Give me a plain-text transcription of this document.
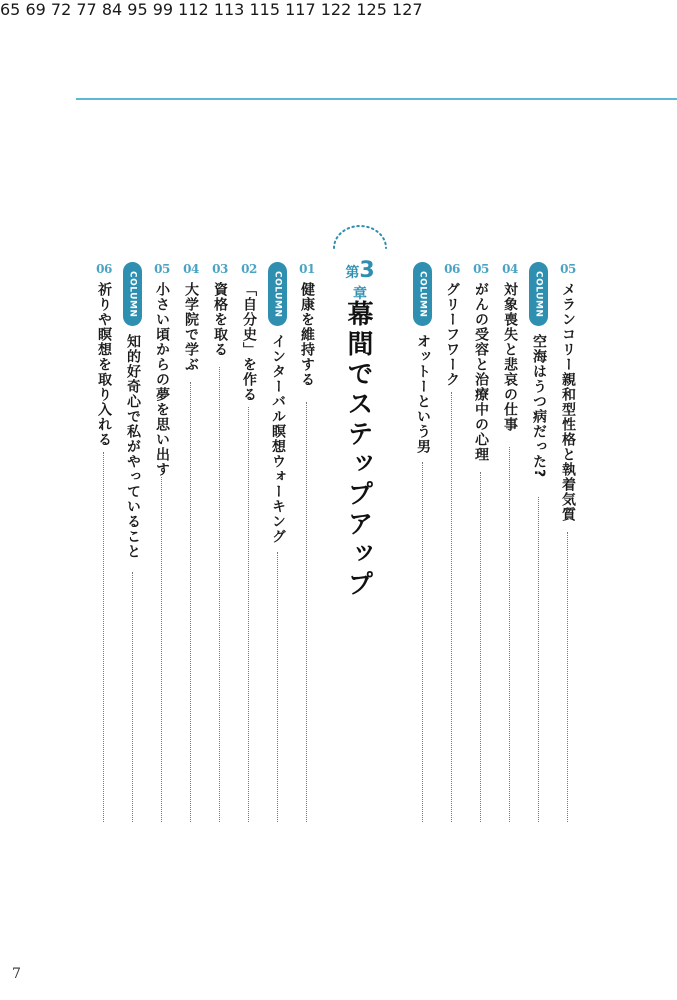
05
メランコリー親和型性格と執着気質
65
COLUMN
空海はうつ病だった?
69
04
対象喪失と悲哀の仕事
72
05
がんの受容と治療中の心理
77
06
グリーフワーク
84
COLUMN
オットーという男
95
第3章
幕間でステップアップ
01
健康を維持する
99
COLUMN
インターバル瞑想ウォーキング
112
02
「自分史」を作る
113
03
資格を取る
115
04
大学院で学ぶ
117
05
小さい頃からの夢を思い出す
122
COLUMN
知的好奇心で私がやっていること
125
06
祈りや瞑想を取り入れる
127
7
